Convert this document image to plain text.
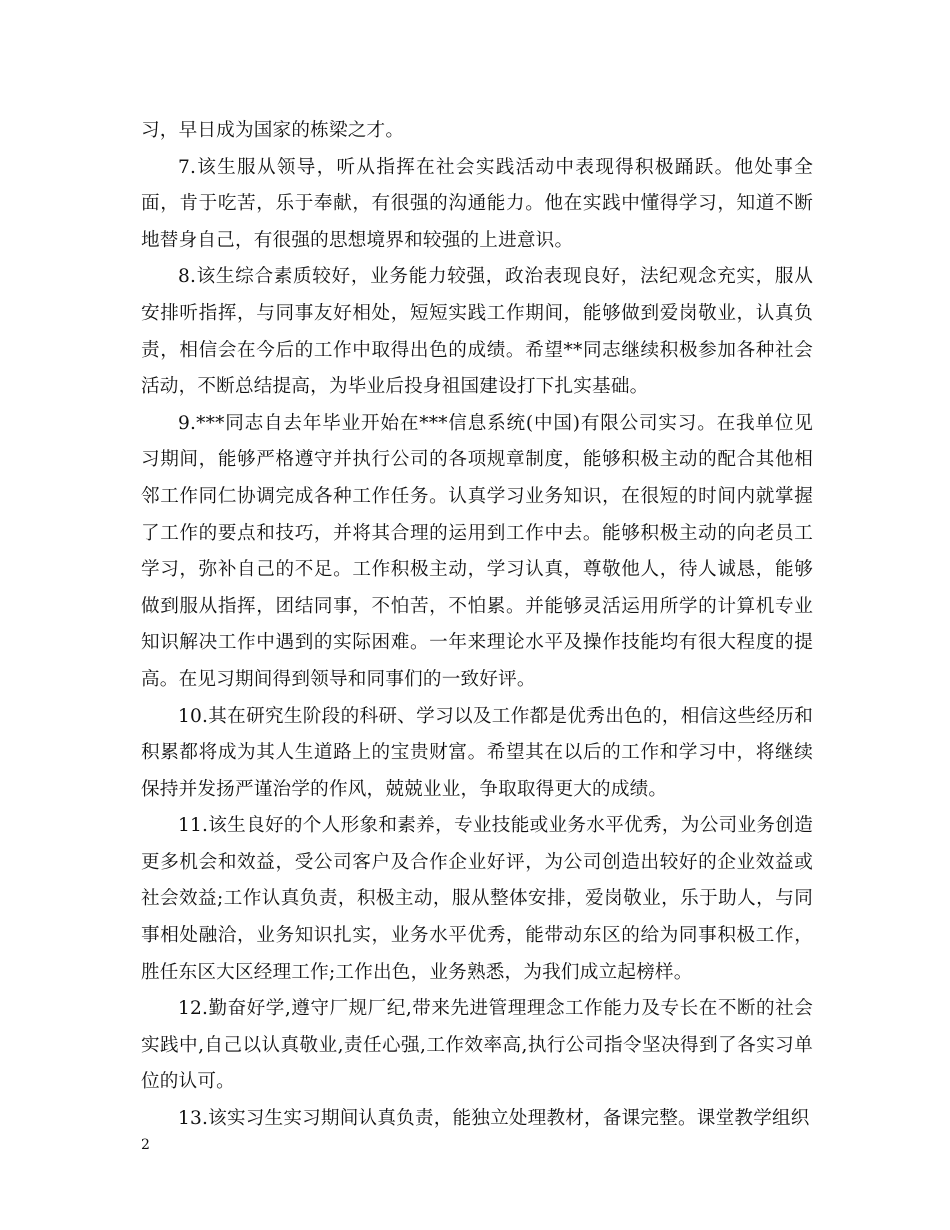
习，早日成为国家的栋梁之才。

7.该生服从领导，听从指挥在社会实践活动中表现得积极踊跃。他处事全面，肯于吃苦，乐于奉献，有很强的沟通能力。他在实践中懂得学习，知道不断地替身自己，有很强的思想境界和较强的上进意识。

8.该生综合素质较好，业务能力较强，政治表现良好，法纪观念充实，服从安排听指挥，与同事友好相处，短短实践工作期间，能够做到爱岗敬业，认真负责，相信会在今后的工作中取得出色的成绩。希望**同志继续积极参加各种社会活动，不断总结提高，为毕业后投身祖国建设打下扎实基础。

9.***同志自去年毕业开始在***信息系统(中国)有限公司实习。在我单位见习期间，能够严格遵守并执行公司的各项规章制度，能够积极主动的配合其他相邻工作同仁协调完成各种工作任务。认真学习业务知识，在很短的时间内就掌握了工作的要点和技巧，并将其合理的运用到工作中去。能够积极主动的向老员工学习，弥补自己的不足。工作积极主动，学习认真，尊敬他人，待人诚恳，能够做到服从指挥，团结同事，不怕苦，不怕累。并能够灵活运用所学的计算机专业知识解决工作中遇到的实际困难。一年来理论水平及操作技能均有很大程度的提高。在见习期间得到领导和同事们的一致好评。

10.其在研究生阶段的科研、学习以及工作都是优秀出色的，相信这些经历和积累都将成为其人生道路上的宝贵财富。希望其在以后的工作和学习中，将继续保持并发扬严谨治学的作风，兢兢业业，争取取得更大的成绩。

11.该生良好的个人形象和素养，专业技能或业务水平优秀，为公司业务创造更多机会和效益，受公司客户及合作企业好评，为公司创造出较好的企业效益或社会效益;工作认真负责，积极主动，服从整体安排，爱岗敬业，乐于助人，与同事相处融洽，业务知识扎实，业务水平优秀，能带动东区的给为同事积极工作，胜任东区大区经理工作;工作出色，业务熟悉，为我们成立起榜样。

12.勤奋好学,遵守厂规厂纪,带来先进管理理念工作能力及专长在不断的社会实践中,自己以认真敬业,责任心强,工作效率高,执行公司指令坚决得到了各实习单位的认可。

13.该实习生实习期间认真负责，能独立处理教材，备课完整。课堂教学组织

2
